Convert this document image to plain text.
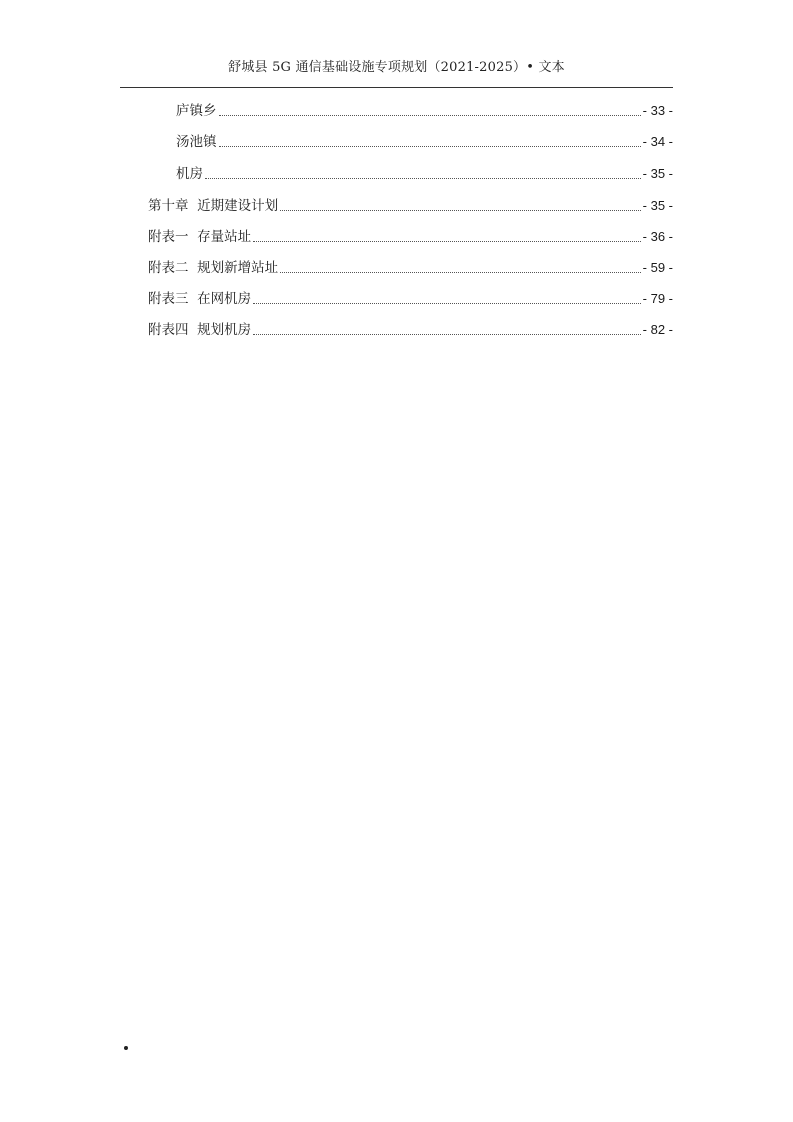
舒城县 5G 通信基础设施专项规划（2021-2025）• 文本
庐镇乡	- 33 -
汤池镇	- 34 -
机房	- 35 -
第十章  近期建设计划	- 35 -
附表一  存量站址	- 36 -
附表二  规划新增站址	- 59 -
附表三  在网机房	- 79 -
附表四  规划机房	- 82 -
